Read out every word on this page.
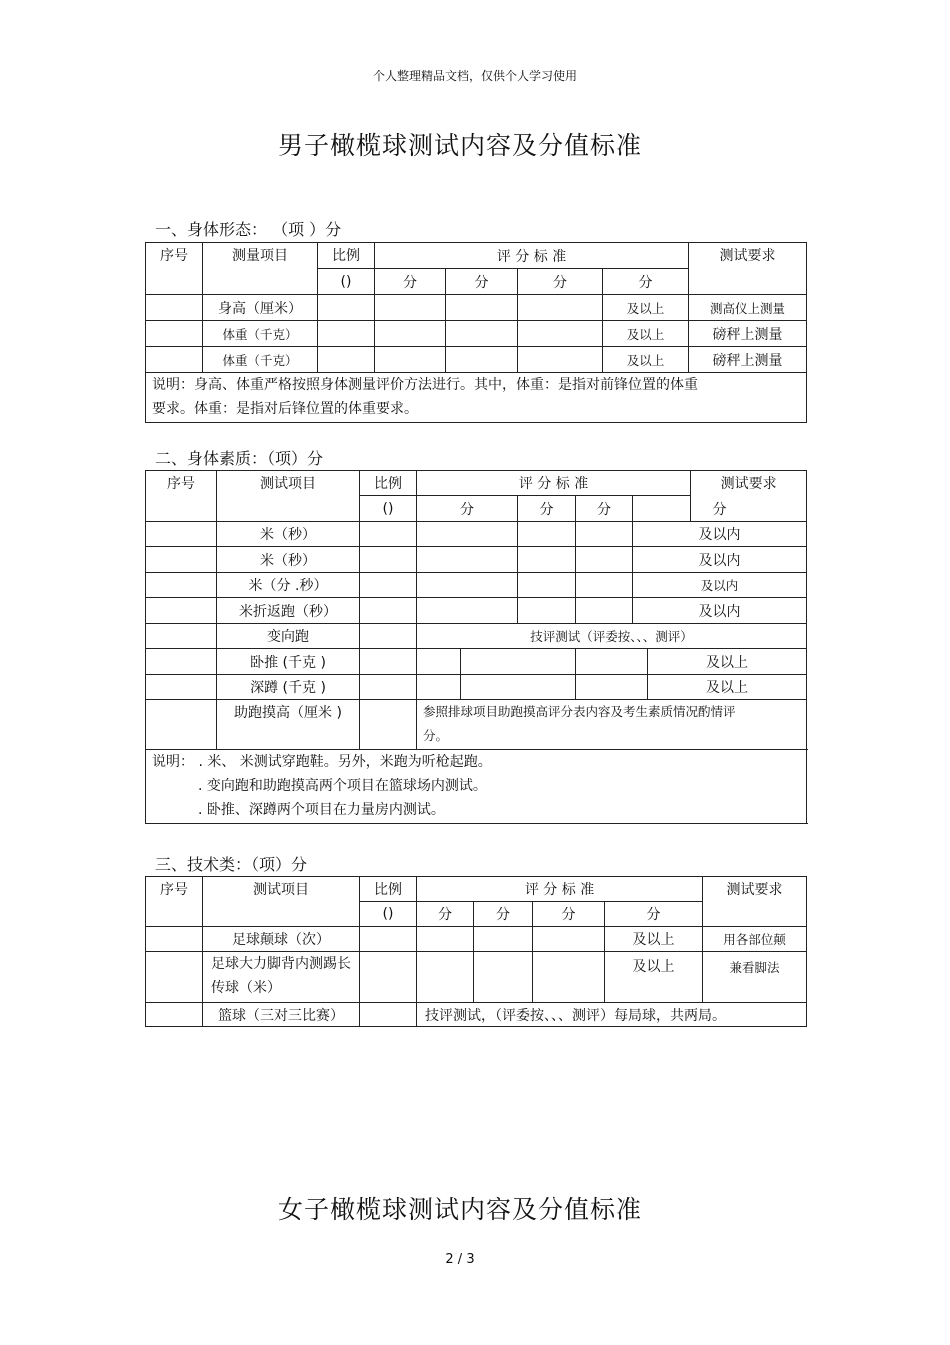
个人整理精品文档，仅供个人学习使用
男子橄榄球测试内容及分值标准
一、身体形态： （项 ）分
序号	测量项目	比例	评 分 标 准				测试要求
		()	分	分	分	分	
	身高（厘米）					及以上	测高仪上测量
	体重（千克）					及以上	磅秤上测量
	体重（千克）					及以上	磅秤上测量

说明：身高、体重严格按照身体测量评价方法进行。其中，体重：是指对前锋位置的体重

要求。体重：是指对后锋位置的体重要求。							

二、身体素质：（项）分
序号	测试项目	比例	评 分 标 准						测试要求	
		()	分		分	分	分			
	米（秒）						及以内	
	米（秒）						及以内	
	米（分 .秒）						及以内	
	米折返跑（秒）						及以内	
	变向跑		技评测试（评委按、、、测评）	
	卧推 (千克 )							及以上	
	深蹲 (千克 )							及以上	
	助跑摸高（厘米 )		参照排球项目助跑摸高评分表内容及考生素质情况酌情评分。							

说明： . 米、 米测试穿跑鞋。另外，米跑为听枪起跑。

. 变向跑和助跑摸高两个项目在篮球场内测试。

. 卧推、深蹲两个项目在力量房内测试。										

三、技术类：（项）分
序号	测试项目	比例	评 分 标 准				测试要求
		()	分	分	分	分	
	足球颠球（次）					及以上	用各部位颠
	足球大力脚背内测踢长传球（米）					及以上	兼看脚法
	篮球（三对三比赛）		技评测试，（评委按、、、测评）每局球，共两局。				
女子橄榄球测试内容及分值标准
2 / 3
